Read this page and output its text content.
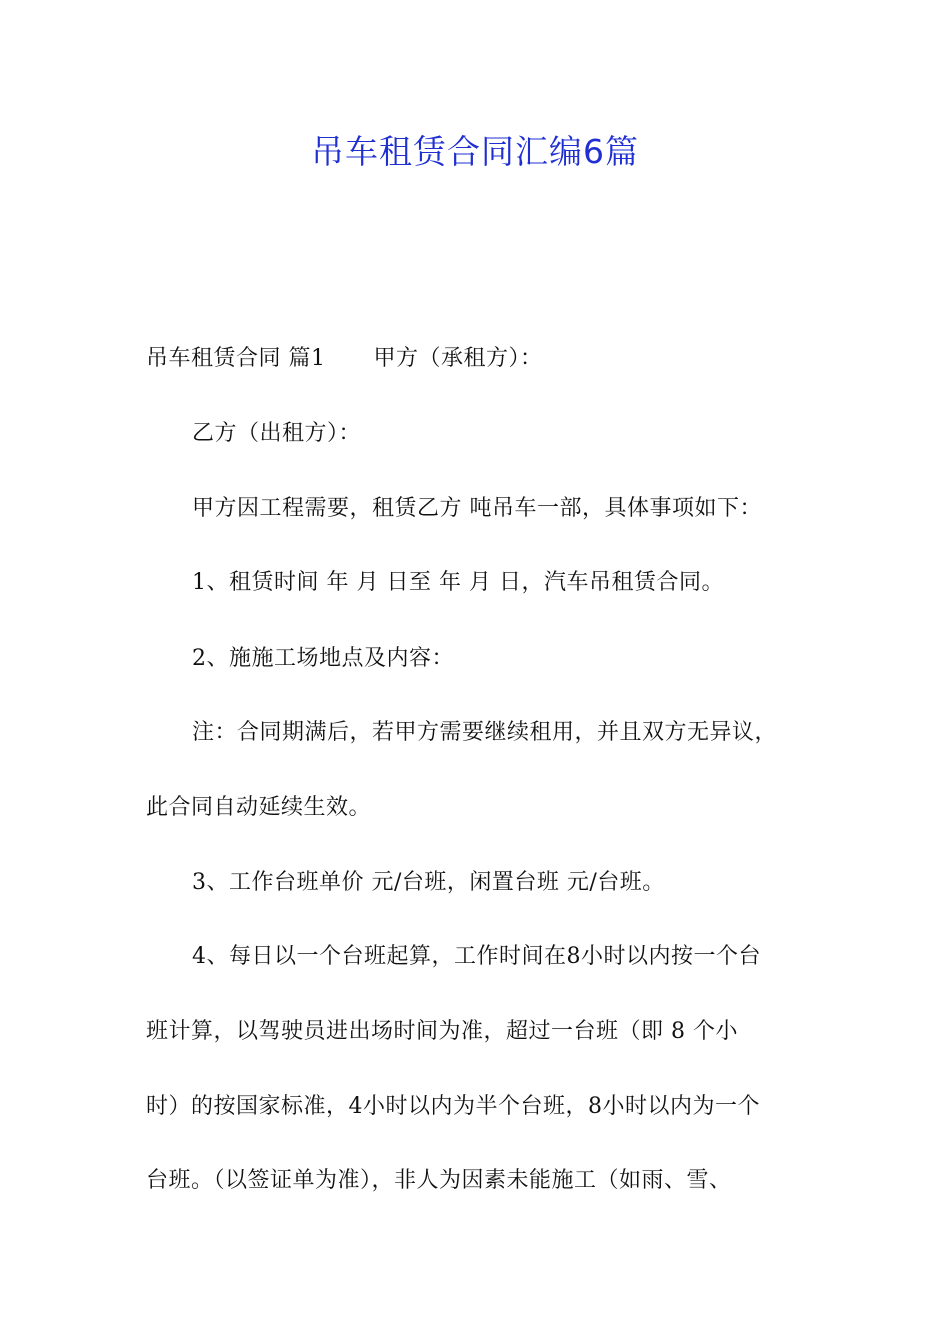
吊车租赁合同汇编6篇

吊车租赁合同 篇1 甲方（承租方）：

乙方（出租方）：

甲方因工程需要，租赁乙方 吨吊车一部，具体事项如下：

1、租赁时间 年 月 日至 年 月 日，汽车吊租赁合同。

2、施施工场地点及内容：

注：合同期满后，若甲方需要继续租用，并且双方无异议，

此合同自动延续生效。

3、工作台班单价 元/台班，闲置台班 元/台班。

4、每日以一个台班起算，工作时间在8小时以内按一个台

班计算，以驾驶员进出场时间为准，超过一台班（即 8 个小

时）的按国家标准，4小时以内为半个台班，8小时以内为一个

台班。（以签证单为准），非人为因素未能施工（如雨、雪、
